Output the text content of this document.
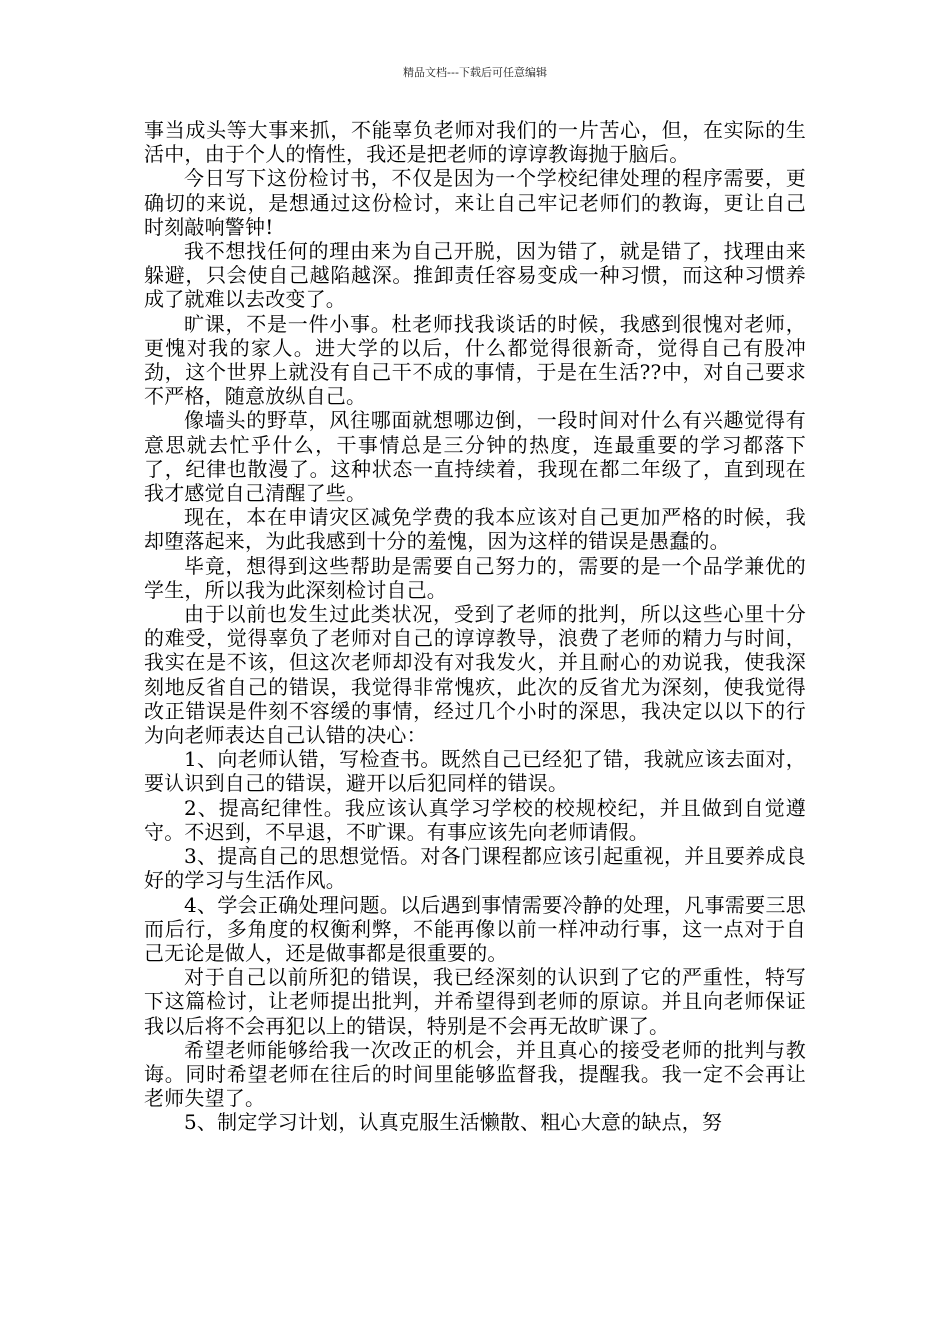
精品文档---下载后可任意编辑

事当成头等大事来抓，不能辜负老师对我们的一片苦心，但，在实际的生活中，由于个人的惰性，我还是把老师的谆谆教诲抛于脑后。

今日写下这份检讨书，不仅是因为一个学校纪律处理的程序需要，更确切的来说，是想通过这份检讨，来让自己牢记老师们的教诲，更让自己时刻敲响警钟!

我不想找任何的理由来为自己开脱，因为错了，就是错了，找理由来躲避，只会使自己越陷越深。推卸责任容易变成一种习惯，而这种习惯养成了就难以去改变了。

旷课，不是一件小事。杜老师找我谈话的时候，我感到很愧对老师，更愧对我的家人。进大学的以后，什么都觉得很新奇，觉得自己有股冲劲，这个世界上就没有自己干不成的事情，于是在生活??中，对自己要求不严格，随意放纵自己。

像墙头的野草，风往哪面就想哪边倒，一段时间对什么有兴趣觉得有意思就去忙乎什么，干事情总是三分钟的热度，连最重要的学习都落下了，纪律也散漫了。这种状态一直持续着，我现在都二年级了，直到现在我才感觉自己清醒了些。

现在，本在申请灾区减免学费的我本应该对自己更加严格的时候，我却堕落起来，为此我感到十分的羞愧，因为这样的错误是愚蠢的。

毕竟，想得到这些帮助是需要自己努力的，需要的是一个品学兼优的学生，所以我为此深刻检讨自己。

由于以前也发生过此类状况，受到了老师的批判，所以这些心里十分的难受，觉得辜负了老师对自己的谆谆教导，浪费了老师的精力与时间，我实在是不该，但这次老师却没有对我发火，并且耐心的劝说我，使我深刻地反省自己的错误，我觉得非常愧疚，此次的反省尤为深刻，使我觉得改正错误是件刻不容缓的事情，经过几个小时的深思，我决定以以下的行为向老师表达自己认错的决心：

1、向老师认错，写检查书。既然自己已经犯了错，我就应该去面对，要认识到自己的错误，避开以后犯同样的错误。

2、提高纪律性。我应该认真学习学校的校规校纪，并且做到自觉遵守。不迟到，不早退，不旷课。有事应该先向老师请假。

3、提高自己的思想觉悟。对各门课程都应该引起重视，并且要养成良好的学习与生活作风。

4、学会正确处理问题。以后遇到事情需要冷静的处理，凡事需要三思而后行，多角度的权衡利弊，不能再像以前一样冲动行事，这一点对于自己无论是做人，还是做事都是很重要的。

对于自己以前所犯的错误，我已经深刻的认识到了它的严重性，特写下这篇检讨，让老师提出批判，并希望得到老师的原谅。并且向老师保证我以后将不会再犯以上的错误，特别是不会再无故旷课了。

希望老师能够给我一次改正的机会，并且真心的接受老师的批判与教诲。同时希望老师在往后的时间里能够监督我，提醒我。我一定不会再让老师失望了。

5、制定学习计划，认真克服生活懒散、粗心大意的缺点，努
